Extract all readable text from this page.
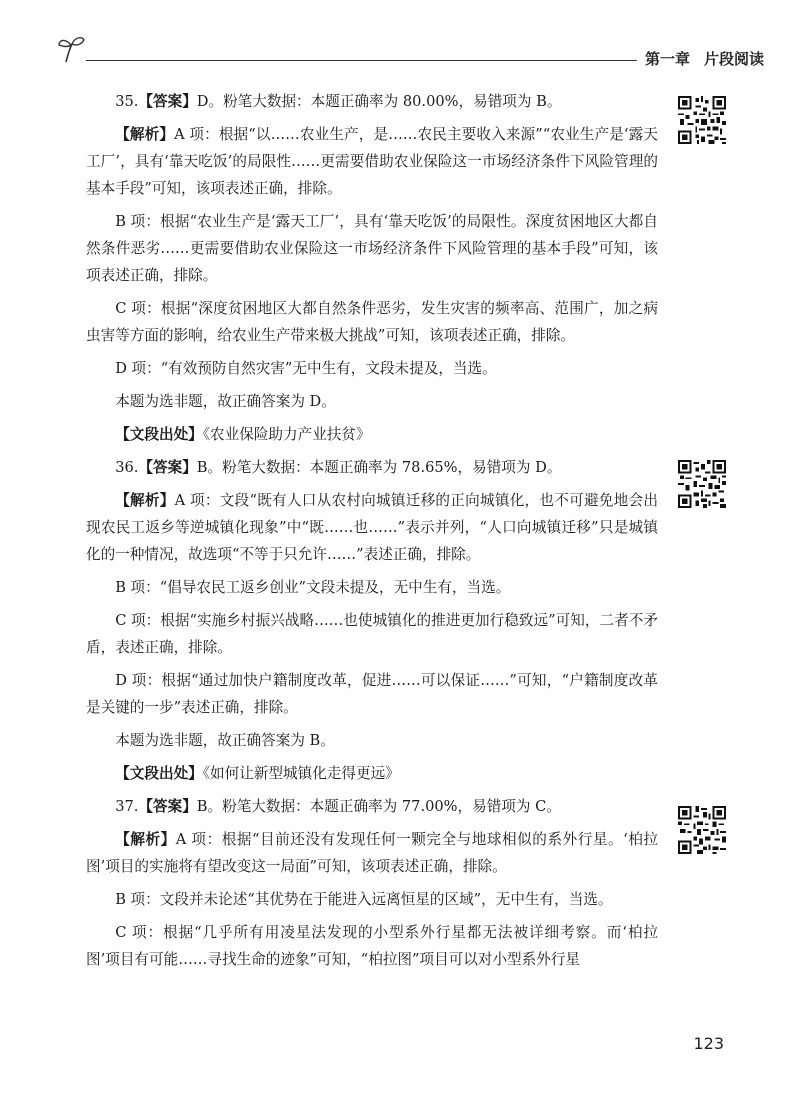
第一章 片段阅读

35.【答案】D。粉笔大数据：本题正确率为 80.00%，易错项为 B。

【解析】A 项：根据“以……农业生产，是……农民主要收入来源”“农业生产是‘露天工厂’，具有‘靠天吃饭’的局限性……更需要借助农业保险这一市场经济条件下风险管理的基本手段”可知，该项表述正确，排除。

B 项：根据“农业生产是‘露天工厂’，具有‘靠天吃饭’的局限性。深度贫困地区大都自然条件恶劣……更需要借助农业保险这一市场经济条件下风险管理的基本手段”可知，该项表述正确，排除。

C 项：根据“深度贫困地区大都自然条件恶劣，发生灾害的频率高、范围广，加之病虫害等方面的影响，给农业生产带来极大挑战”可知，该项表述正确，排除。

D 项：“有效预防自然灾害”无中生有，文段未提及，当选。

本题为选非题，故正确答案为 D。

【文段出处】《农业保险助力产业扶贫》

36.【答案】B。粉笔大数据：本题正确率为 78.65%，易错项为 D。

【解析】A 项：文段“既有人口从农村向城镇迁移的正向城镇化，也不可避免地会出现农民工返乡等逆城镇化现象”中“既……也……”表示并列，“人口向城镇迁移”只是城镇化的一种情况，故选项“不等于只允许……”表述正确，排除。

B 项：“倡导农民工返乡创业”文段未提及，无中生有，当选。

C 项：根据“实施乡村振兴战略……也使城镇化的推进更加行稳致远”可知，二者不矛盾，表述正确，排除。

D 项：根据“通过加快户籍制度改革，促进……可以保证……”可知，“户籍制度改革是关键的一步”表述正确，排除。

本题为选非题，故正确答案为 B。

【文段出处】《如何让新型城镇化走得更远》

37.【答案】B。粉笔大数据：本题正确率为 77.00%，易错项为 C。

【解析】A 项：根据“目前还没有发现任何一颗完全与地球相似的系外行星。‘柏拉图’项目的实施将有望改变这一局面”可知，该项表述正确，排除。

B 项：文段并未论述“其优势在于能进入远离恒星的区域”，无中生有，当选。

C 项：根据“几乎所有用凌星法发现的小型系外行星都无法被详细考察。而‘柏拉图’项目有可能……寻找生命的迹象”可知，“柏拉图”项目可以对小型系外行星

123
